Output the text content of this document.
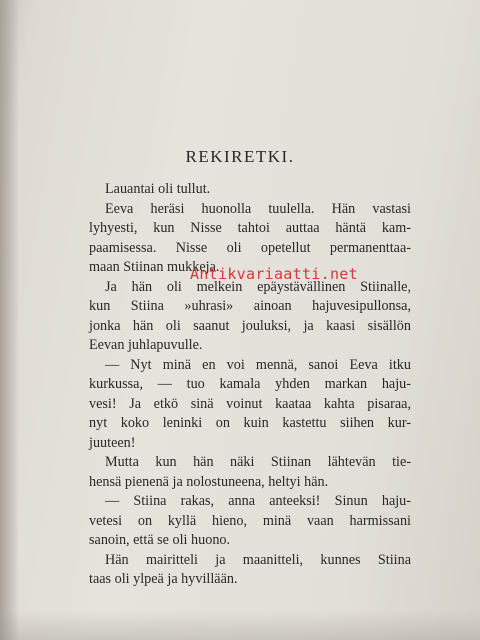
REKIRETKI.
Lauantai oli tullut.
Eeva heräsi huonolla tuulella. Hän vastasi
lyhyesti, kun Nisse tahtoi auttaa häntä kam-
paamisessa. Nisse oli opetellut permanenttaa-
maan Stiinan mukkeja.
Ja hän oli melkein epäystävällinen Stiinalle,
kun Stiina »uhrasi» ainoan hajuvesipullonsa,
jonka hän oli saanut jouluksi, ja kaasi sisällön
Eevan juhlapuvulle.
— Nyt minä en voi mennä, sanoi Eeva itku
kurkussa, — tuo kamala yhden markan haju-
vesi! Ja etkö sinä voinut kaataa kahta pisaraa,
nyt koko leninki on kuin kastettu siihen kur-
juuteen!
Mutta kun hän näki Stiinan lähtevän tie-
hensä pienenä ja nolostuneena, heltyi hän.
— Stiina rakas, anna anteeksi! Sinun haju-
vetesi on kyllä hieno, minä vaan harmissani
sanoin, että se oli huono.
Hän mairitteli ja maanitteli, kunnes Stiina
taas oli ylpeä ja hyvillään.
Antikvariaatti.net
